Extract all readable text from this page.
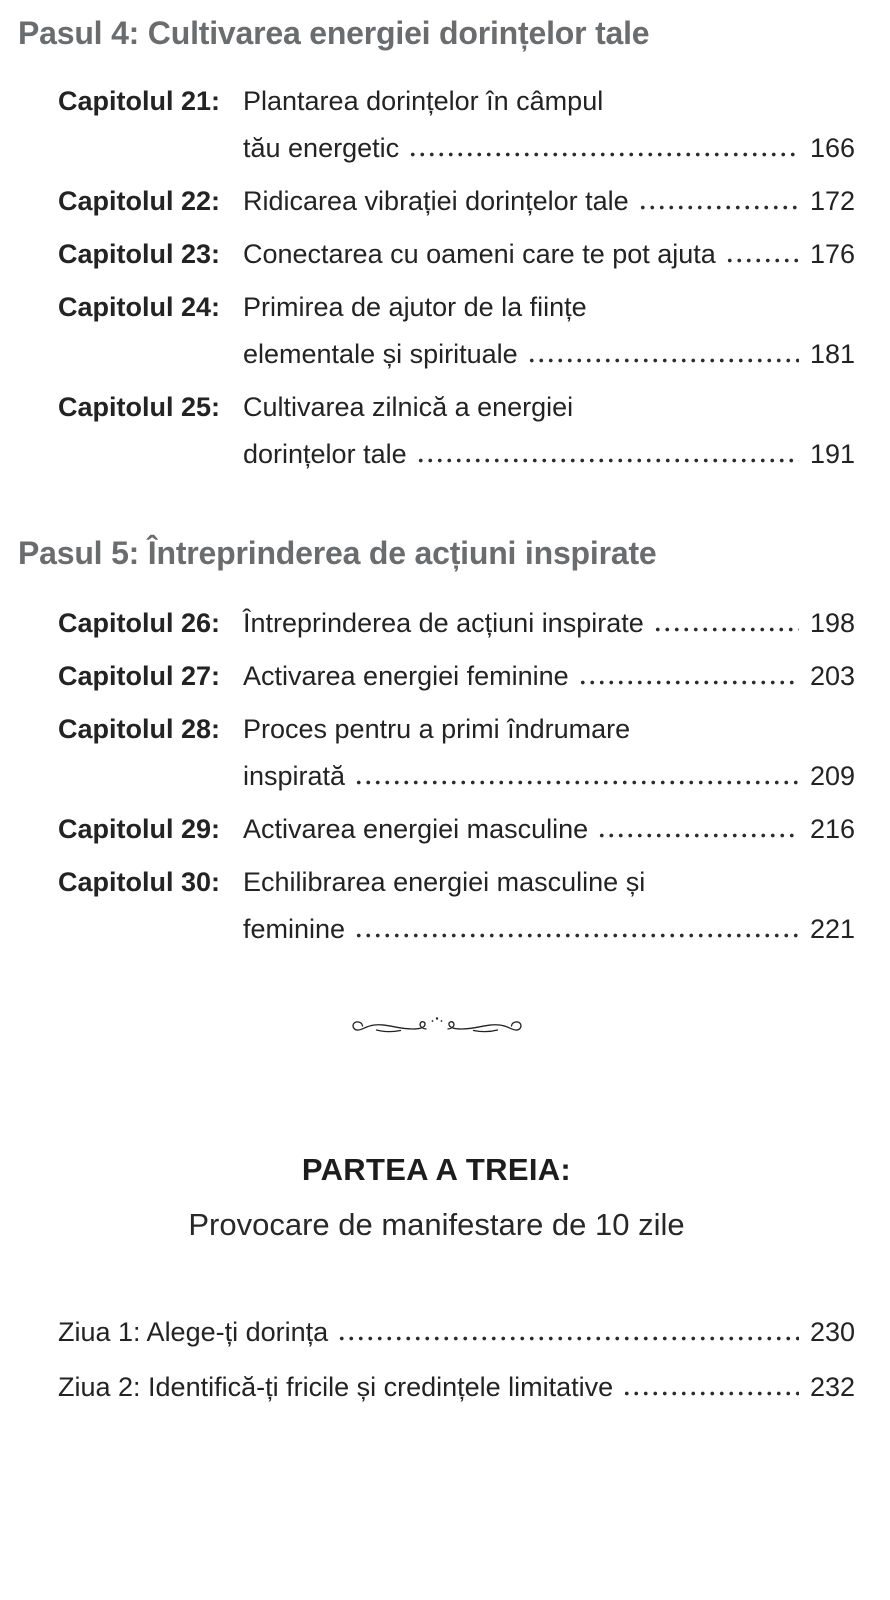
Pasul 4: Cultivarea energiei dorințelor tale
Capitolul 21: Plantarea dorințelor în câmpul
tău energetic	166
Capitolul 22: Ridicarea vibrației dorințelor tale	172
Capitolul 23: Conectarea cu oameni care te pot ajuta	176
Capitolul 24: Primirea de ajutor de la ființe
elementale și spirituale	181
Capitolul 25: Cultivarea zilnică a energiei
dorințelor tale	191
Pasul 5: Întreprinderea de acțiuni inspirate
Capitolul 26: Întreprinderea de acțiuni inspirate	198
Capitolul 27: Activarea energiei feminine	203
Capitolul 28: Proces pentru a primi îndrumare
inspirată	209
Capitolul 29: Activarea energiei masculine	216
Capitolul 30: Echilibrarea energiei masculine și
feminine	221
PARTEA A TREIA:
Provocare de manifestare de 10 zile
Ziua 1: Alege-ți dorința	230
Ziua 2: Identifică-ți fricile și credințele limitative	232
